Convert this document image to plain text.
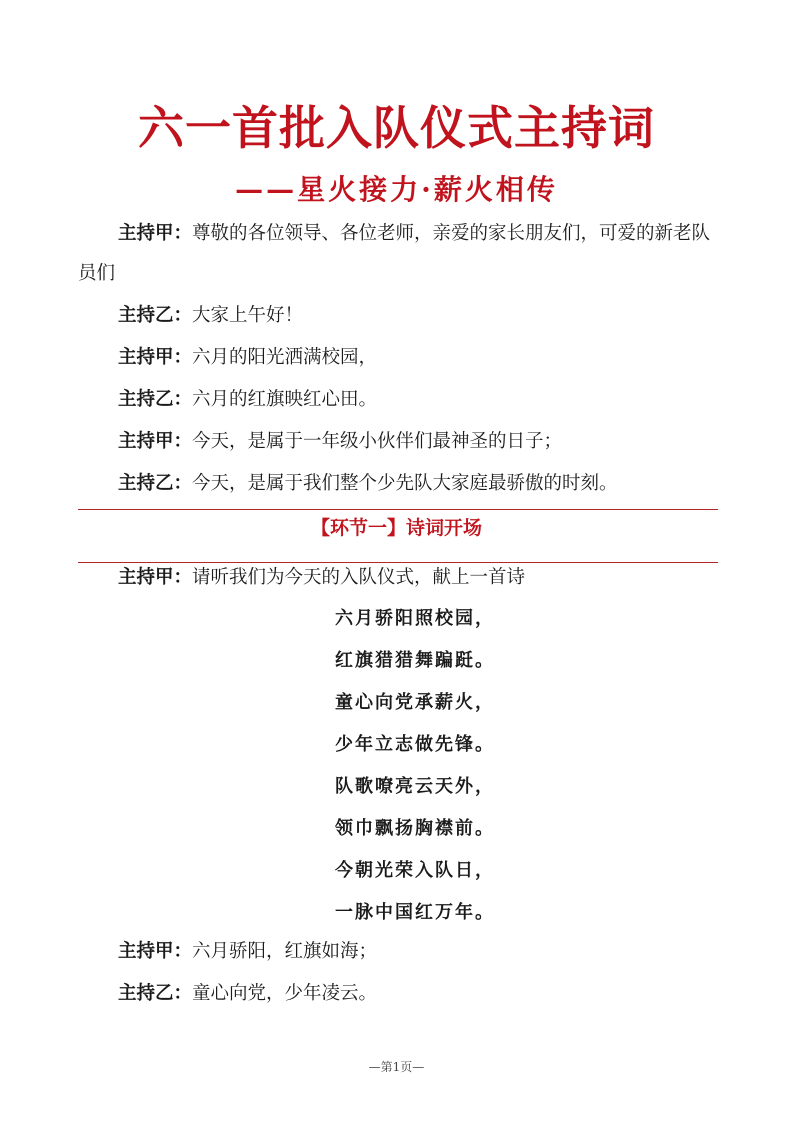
六一首批入队仪式主持词
——星火接力·薪火相传
主持甲：尊敬的各位领导、各位老师，亲爱的家长朋友们，可爱的新老队员们
主持乙：大家上午好！
主持甲：六月的阳光洒满校园，
主持乙：六月的红旗映红心田。
主持甲：今天，是属于一年级小伙伴们最神圣的日子；
主持乙：今天，是属于我们整个少先队大家庭最骄傲的时刻。
【环节一】诗词开场
主持甲：请听我们为今天的入队仪式，献上一首诗
六月骄阳照校园，
红旗猎猎舞蹁跹。
童心向党承薪火，
少年立志做先锋。
队歌嘹亮云天外，
领巾飘扬胸襟前。
今朝光荣入队日，
一脉中国红万年。
主持甲：六月骄阳，红旗如海；
主持乙：童心向党，少年凌云。
—第1页—
